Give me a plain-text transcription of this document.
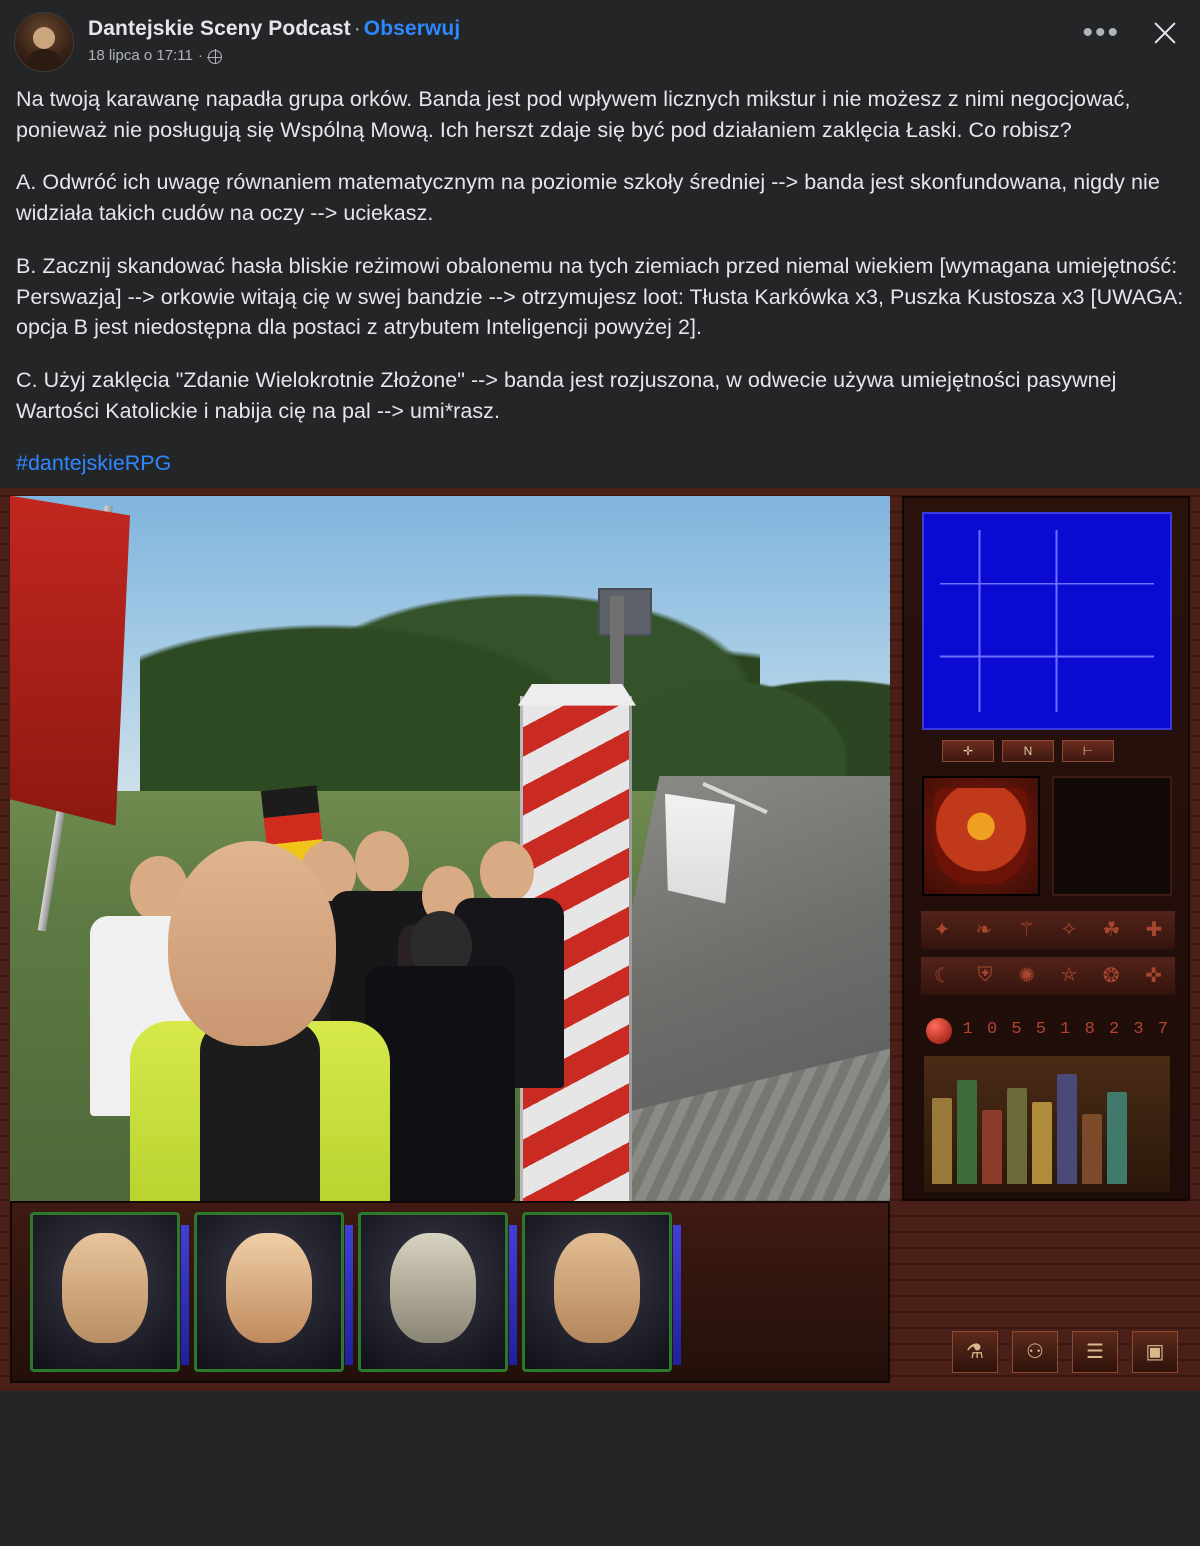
Dantejskie Sceny Podcast · Obserwuj
18 lipca o 17:11 ·
•••

Na twoją karawanę napadła grupa orków. Banda jest pod wpływem licznych mikstur i nie możesz z nimi negocjować, ponieważ nie posługują się Wspólną Mową. Ich herszt zdaje się być pod działaniem zaklęcia Łaski. Co robisz?

A. Odwróć ich uwagę równaniem matematycznym na poziomie szkoły średniej --> banda jest skonfundowana, nigdy nie widziała takich cudów na oczy --> uciekasz.

B. Zacznij skandować hasła bliskie reżimowi obalonemu na tych ziemiach przed niemal wiekiem [wymagana umiejętność: Perswazja] --> orkowie witają cię w swej bandzie --> otrzymujesz loot: Tłusta Karkówka x3, Puszka Kustosza x3 [UWAGA: opcja B jest niedostępna dla postaci z atrybutem Inteligencji powyżej 2].

C. Użyj zaklęcia "Zdanie Wielokrotnie Złożone" --> banda jest rozjuszona, w odwecie używa umiejętności pasywnej Wartości Katolickie i nabija cię na pal --> umi*rasz.

#dantejskieRPG
✛	N	⊢
✦ ❧ ⚚ ✧ ☘ ✚
☾ ⛨ ✺ ⛤ ❂ ✜
1 0 5 5 1 8 2 3 7
⚗	⚇	☰	▣
